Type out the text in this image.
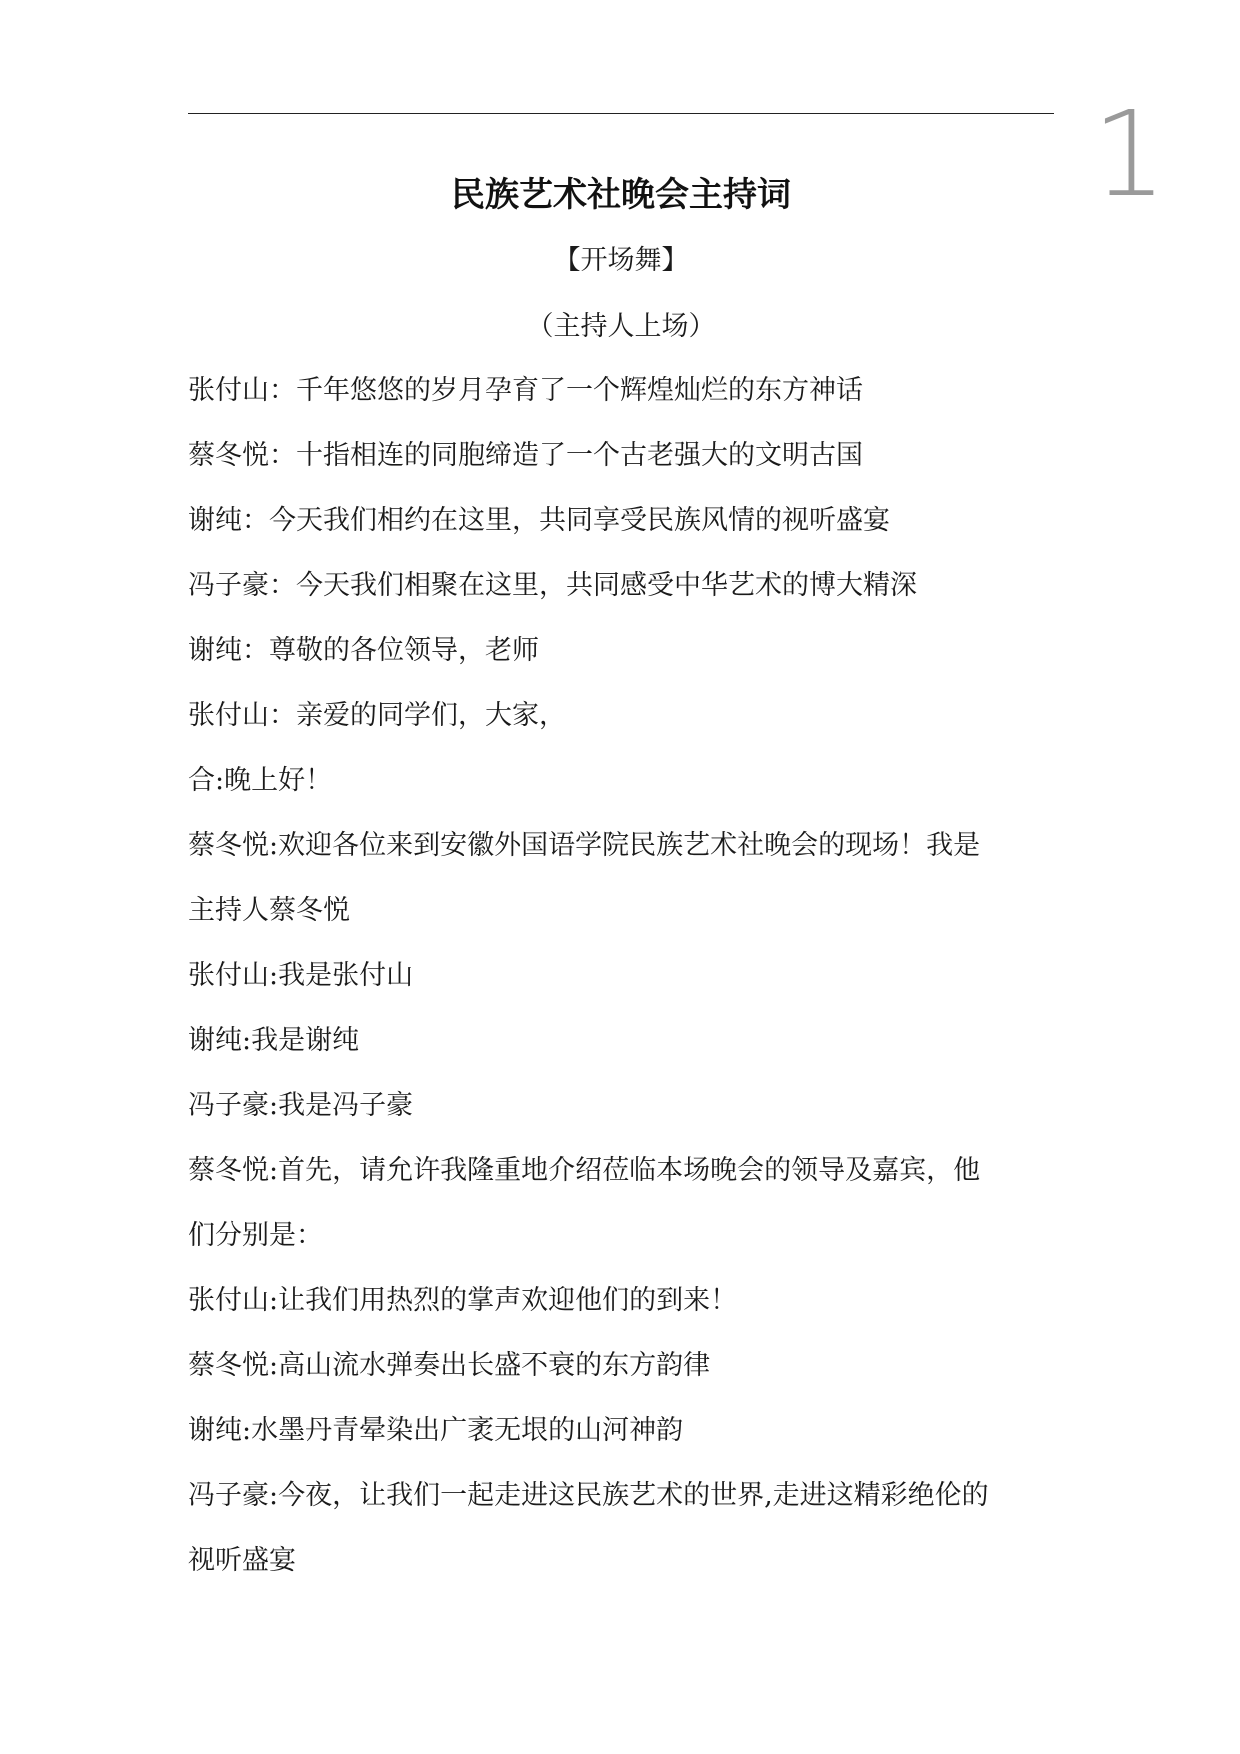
1
民族艺术社晚会主持词
【开场舞】
（主持人上场）
张付山：千年悠悠的岁月孕育了一个辉煌灿烂的东方神话
蔡冬悦：十指相连的同胞缔造了一个古老强大的文明古国
谢纯：今天我们相约在这里，共同享受民族风情的视听盛宴
冯子豪：今天我们相聚在这里，共同感受中华艺术的博大精深
谢纯：尊敬的各位领导，老师
张付山：亲爱的同学们，大家，
合:晚上好！
蔡冬悦:欢迎各位来到安徽外国语学院民族艺术社晚会的现场！我是
主持人蔡冬悦
张付山:我是张付山
谢纯:我是谢纯
冯子豪:我是冯子豪
蔡冬悦:首先，请允许我隆重地介绍莅临本场晚会的领导及嘉宾，他
们分别是：
张付山:让我们用热烈的掌声欢迎他们的到来！
蔡冬悦:高山流水弹奏出长盛不衰的东方韵律
谢纯:水墨丹青晕染出广袤无垠的山河神韵
冯子豪:今夜，让我们一起走进这民族艺术的世界,走进这精彩绝伦的
视听盛宴
